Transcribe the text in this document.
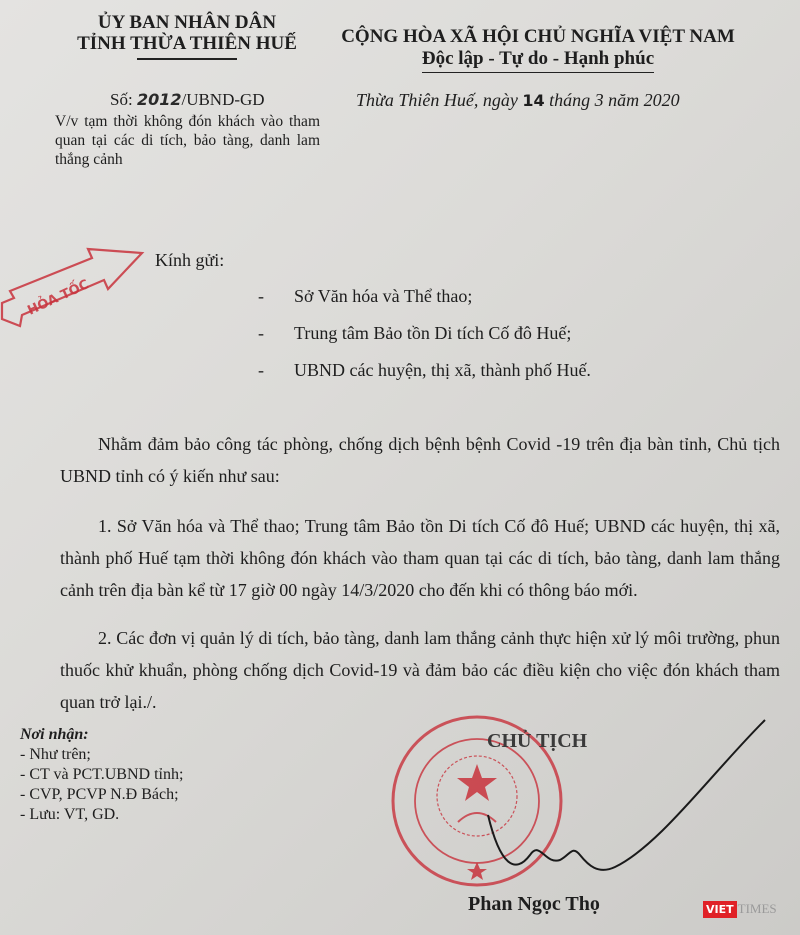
ỦY BAN NHÂN DÂN
TỈNH THỪA THIÊN HUẾ	CỘNG HÒA XÃ HỘI CHỦ NGHĨA VIỆT NAM
Độc lập - Tự do - Hạnh phúc
Số: 2012/UBND-GD	Thừa Thiên Huế, ngày 14 tháng 3 năm 2020
V/v tạm thời không đón khách vào tham quan tại các di tích, bảo tàng, danh lam thắng cảnh
HỎA TỐC
Kính gửi:
- Sở Văn hóa và Thể thao;
- Trung tâm Bảo tồn Di tích Cố đô Huế;
- UBND các huyện, thị xã, thành phố Huế.
Nhằm đảm bảo công tác phòng, chống dịch bệnh bệnh Covid -19 trên địa bàn tỉnh, Chủ tịch UBND tỉnh có ý kiến như sau:
1. Sở Văn hóa và Thể thao; Trung tâm Bảo tồn Di tích Cố đô Huế; UBND các huyện, thị xã, thành phố Huế tạm thời không đón khách vào tham quan tại các di tích, bảo tàng, danh lam thắng cảnh trên địa bàn kể từ 17 giờ 00 ngày 14/3/2020 cho đến khi có thông báo mới.
2. Các đơn vị quản lý di tích, bảo tàng, danh lam thắng cảnh thực hiện xử lý môi trường, phun thuốc khử khuẩn, phòng chống dịch Covid-19 và đảm bảo các điều kiện cho việc đón khách tham quan trở lại./.
Nơi nhận:
- Như trên;
- CT và PCT.UBND tỉnh;
- CVP, PCVP N.Đ Bách;
- Lưu: VT, GD.
CHỦ TỊCH
Phan Ngọc Thọ	VIET TIMES
